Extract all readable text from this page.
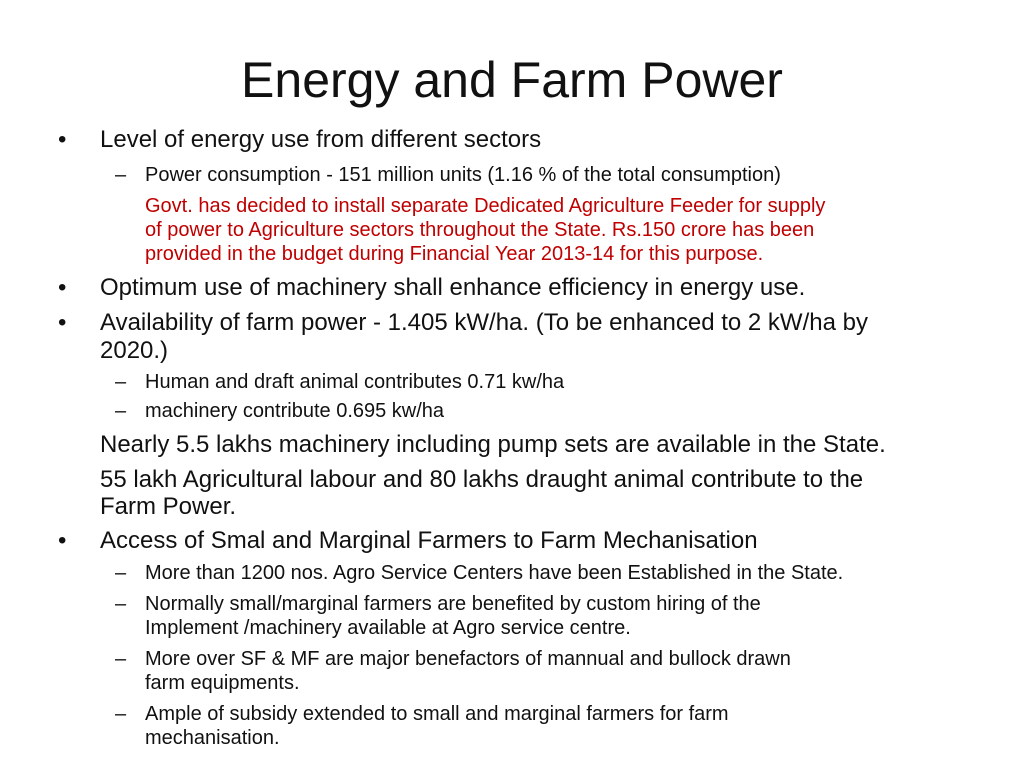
Energy and Farm Power
• Level of energy use from different sectors
– Power consumption - 151 million units (1.16 % of the total consumption)
Govt. has decided to install separate Dedicated Agriculture Feeder for supply
of power to Agriculture sectors throughout the State. Rs.150 crore has been
provided in the budget during Financial Year 2013-14 for this purpose.
• Optimum use of machinery shall enhance efficiency in energy use.
• Availability of farm power - 1.405 kW/ha. (To be enhanced to 2 kW/ha by
2020.)
– Human and draft animal contributes 0.71 kw/ha
– machinery contribute 0.695 kw/ha
Nearly 5.5 lakhs machinery including pump sets are available in the State.
55 lakh Agricultural labour and 80 lakhs draught animal contribute to the
Farm Power.
• Access of Smal and Marginal Farmers to Farm Mechanisation
– More than 1200 nos. Agro Service Centers have been Established in the State.
– Normally small/marginal farmers are benefited by custom hiring of the
Implement /machinery available at Agro service centre.
– More over SF & MF are major benefactors of mannual and bullock drawn
farm equipments.
– Ample of subsidy extended to small and marginal farmers for farm
mechanisation.
